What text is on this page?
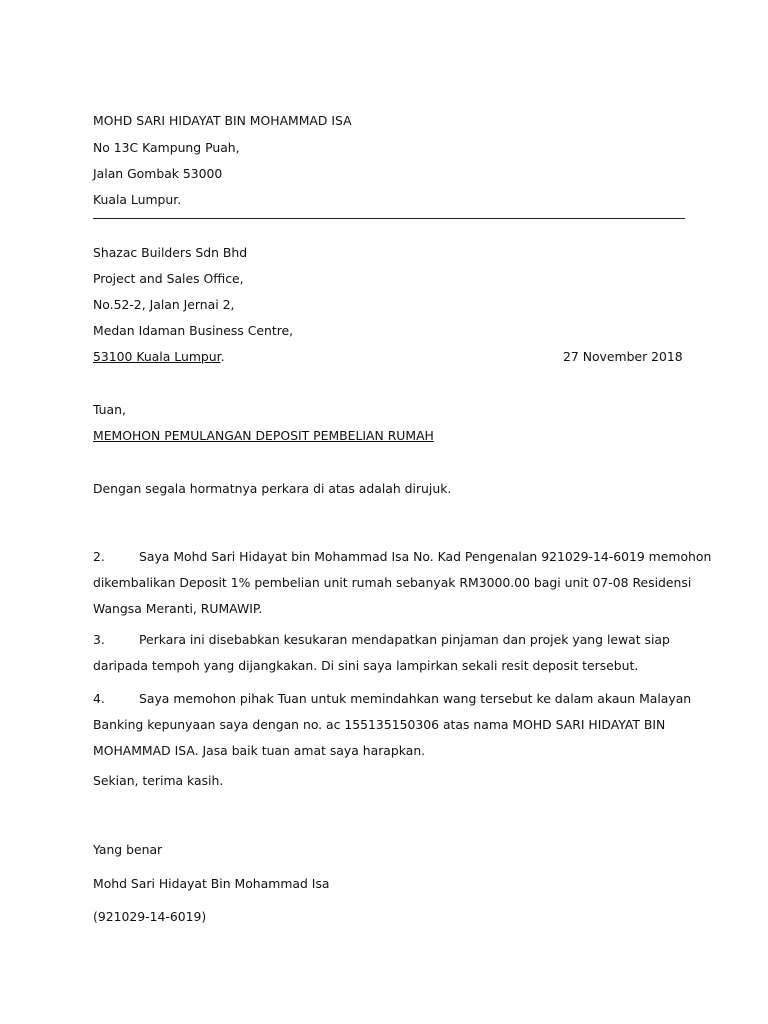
MOHD SARI HIDAYAT BIN MOHAMMAD ISA
No 13C Kampung Puah,
Jalan Gombak 53000
Kuala Lumpur.
Shazac Builders Sdn Bhd
Project and Sales Office,
No.52-2, Jalan Jernai 2,
Medan Idaman Business Centre,
53100 Kuala Lumpur.	27 November 2018
Tuan,
MEMOHON PEMULANGAN DEPOSIT PEMBELIAN RUMAH
Dengan segala hormatnya perkara di atas adalah dirujuk.
2.	Saya Mohd Sari Hidayat bin Mohammad Isa No. Kad Pengenalan 921029-14-6019 memohon
dikembalikan Deposit 1% pembelian unit rumah sebanyak RM3000.00 bagi unit 07-08 Residensi
Wangsa Meranti, RUMAWIP.
3.	Perkara ini disebabkan kesukaran mendapatkan pinjaman dan projek yang lewat siap
daripada tempoh yang dijangkakan. Di sini saya lampirkan sekali resit deposit tersebut.
4.	Saya memohon pihak Tuan untuk memindahkan wang tersebut ke dalam akaun Malayan
Banking kepunyaan saya dengan no. ac 155135150306 atas nama MOHD SARI HIDAYAT BIN
MOHAMMAD ISA. Jasa baik tuan amat saya harapkan.
Sekian, terima kasih.
Yang benar
Mohd Sari Hidayat Bin Mohammad Isa
(921029-14-6019)
